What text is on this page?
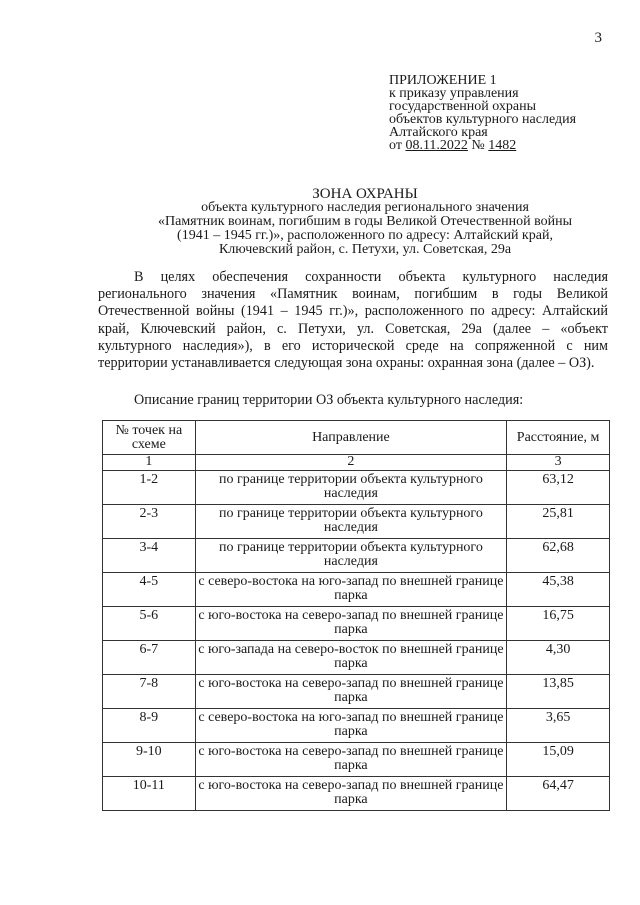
3
ПРИЛОЖЕНИЕ 1
к приказу управления
государственной охраны
объектов культурного наследия
Алтайского края
от 08.11.2022 № 1482
ЗОНА ОХРАНЫ
объекта культурного наследия регионального значения
«Памятник воинам, погибшим в годы Великой Отечественной войны
(1941 – 1945 гг.)», расположенного по адресу: Алтайский край,
Ключевский район, с. Петухи, ул. Советская, 29а

В целях обеспечения сохранности объекта культурного наследия регионального значения «Памятник воинам, погибшим в годы Великой Отечественной войны (1941 – 1945 гг.)», расположенного по адресу: Алтайский край, Ключевский район, с. Петухи, ул. Советская, 29а (далее – «объект культурного наследия»), в его исторической среде на сопряженной с ним территории устанавливается следующая зона охраны: охранная зона (далее – ОЗ).

Описание границ территории ОЗ объекта культурного наследия:
№ точек на схеме	Направление	Расстояние, м
1	2	3
1-2	по границе территории объекта культурного наследия	63,12
2-3	по границе территории объекта культурного наследия	25,81
3-4	по границе территории объекта культурного наследия	62,68
4-5	с северо-востока на юго-запад по внешней границе парка	45,38
5-6	с юго-востока на северо-запад по внешней границе парка	16,75
6-7	с юго-запада на северо-восток по внешней границе парка	4,30
7-8	с юго-востока на северо-запад по внешней границе парка	13,85
8-9	с северо-востока на юго-запад по внешней границе парка	3,65
9-10	с юго-востока на северо-запад по внешней границе парка	15,09
10-11	с юго-востока на северо-запад по внешней границе парка	64,47
